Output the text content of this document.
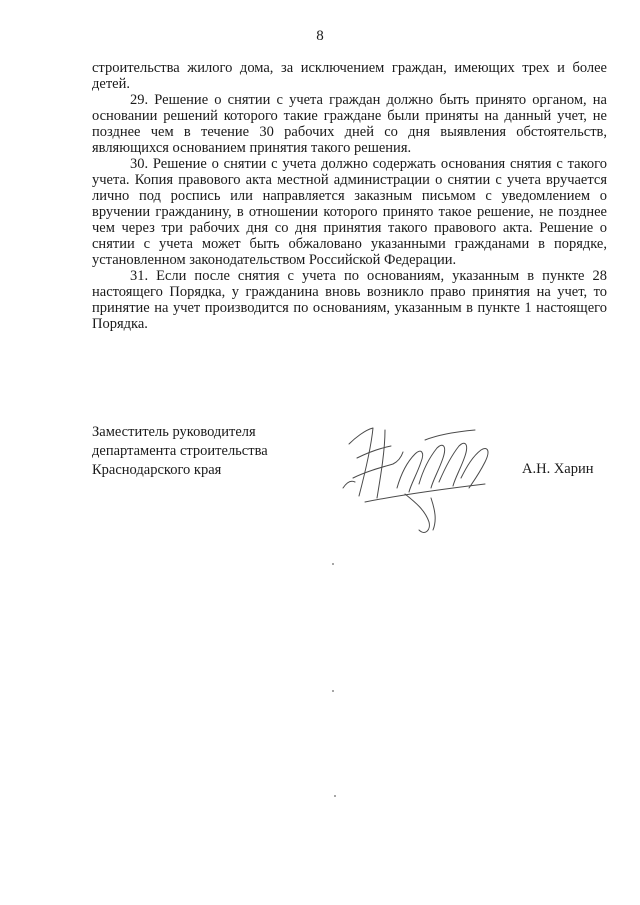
8

строительства жилого дома, за исключением граждан, имеющих трех и более детей.

29. Решение о снятии с учета граждан должно быть принято органом, на основании решений которого такие граждане были приняты на данный учет, не позднее чем в течение 30 рабочих дней со дня выявления обстоятельств, являющихся основанием принятия такого решения.

30. Решение о снятии с учета должно содержать основания снятия с такого учета. Копия правового акта местной администрации о снятии с учета вручается лично под роспись или направляется заказным письмом с уведомлением о вручении гражданину, в отношении которого принято такое решение, не позднее чем через три рабочих дня со дня принятия такого правового акта. Решение о снятии с учета может быть обжаловано указанными гражданами в порядке, установленном законодательством Российской Федерации.

31. Если после снятия с учета по основаниям, указанным в пункте 28 настоящего Порядка, у гражданина вновь возникло право принятия на учет, то принятие на учет производится по основаниям, указанным в пункте 1 настоящего Порядка.

Заместитель руководителя
департамента строительства
Краснодарского края	А.Н. Харин
